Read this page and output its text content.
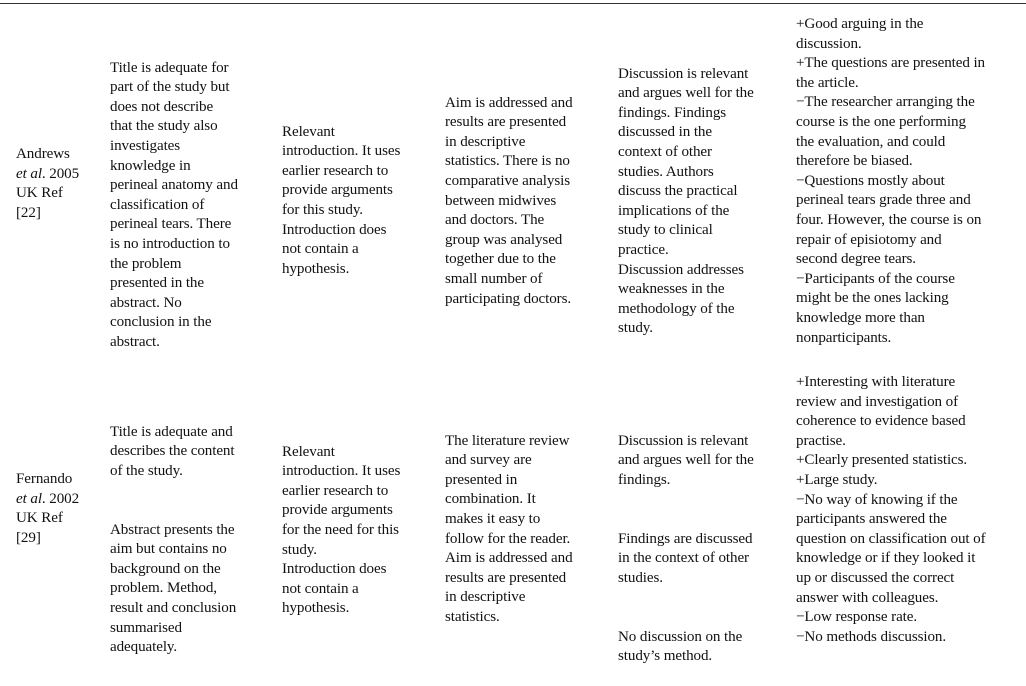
Andrews
et al. 2005
UK Ref
[22]

Title is adequate for
part of the study but
does not describe
that the study also
investigates
knowledge in
perineal anatomy and
classification of
perineal tears. There
is no introduction to
the problem
presented in the
abstract. No
conclusion in the
abstract.

Relevant
introduction. It uses
earlier research to
provide arguments
for this study.
Introduction does
not contain a
hypothesis.

Aim is addressed and
results are presented
in descriptive
statistics. There is no
comparative analysis
between midwives
and doctors. The
group was analysed
together due to the
small number of
participating doctors.

Discussion is relevant
and argues well for the
findings. Findings
discussed in the
context of other
studies. Authors
discuss the practical
implications of the
study to clinical
practice.
Discussion addresses
weaknesses in the
methodology of the
study.

+Good arguing in the
discussion.
+The questions are presented in
the article.
−The researcher arranging the
course is the one performing
the evaluation, and could
therefore be biased.
−Questions mostly about
perineal tears grade three and
four. However, the course is on
repair of episiotomy and
second degree tears.
−Participants of the course
might be the ones lacking
knowledge more than
nonparticipants.
Fernando
et al. 2002
UK Ref
[29]

Title is adequate and
describes the content
of the study.

Abstract presents the
aim but contains no
background on the
problem. Method,
result and conclusion
summarised
adequately.

Relevant
introduction. It uses
earlier research to
provide arguments
for the need for this
study.
Introduction does
not contain a
hypothesis.

The literature review
and survey are
presented in
combination. It
makes it easy to
follow for the reader.
Aim is addressed and
results are presented
in descriptive
statistics.

Discussion is relevant
and argues well for the
findings.

Findings are discussed
in the context of other
studies.

No discussion on the
study’s method.

+Interesting with literature
review and investigation of
coherence to evidence based
practise.
+Clearly presented statistics.
+Large study.
−No way of knowing if the
participants answered the
question on classification out of
knowledge or if they looked it
up or discussed the correct
answer with colleagues.
−Low response rate.
−No methods discussion.
